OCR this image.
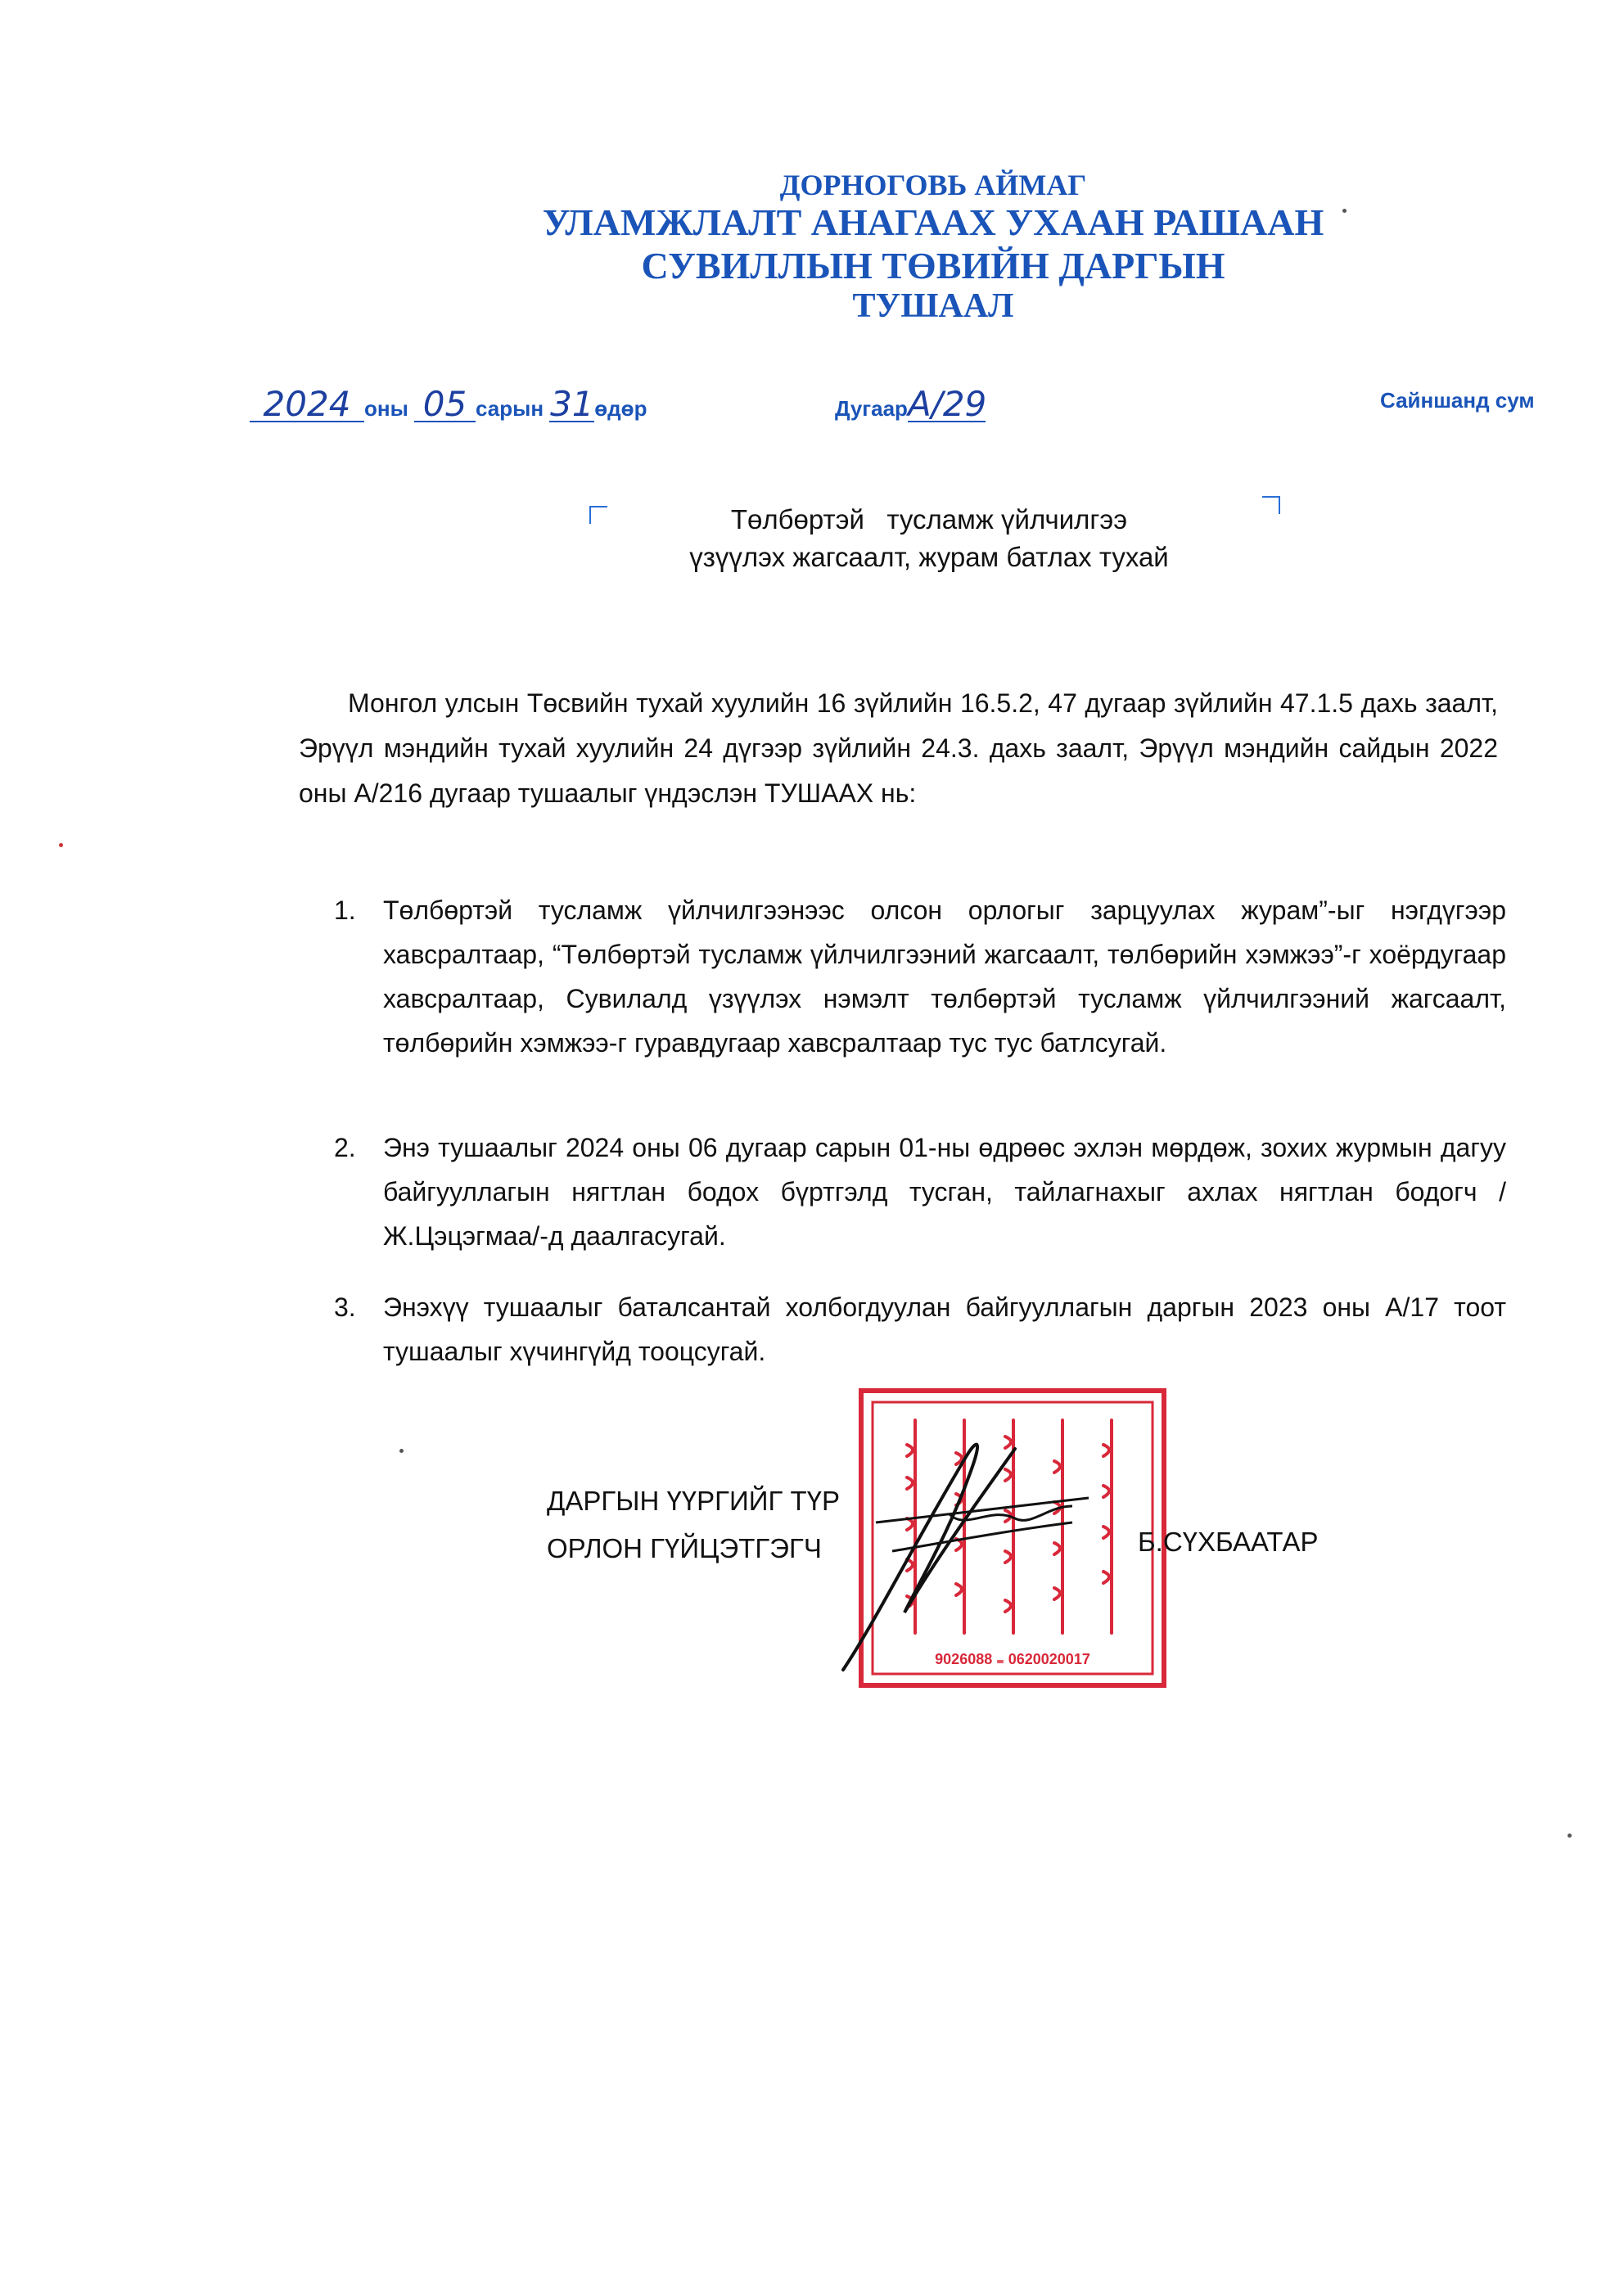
ДОРНОГОВЬ АЙМАГ
УЛАМЖЛАЛТ АНАГААХ УХААН РАШААН
СУВИЛЛЫН ТӨВИЙН ДАРГЫН
ТУШААЛ
2024 оны 05 сарын 31өдөр	ДугаарА/29	Сайншанд сум
Төлбөртэй   тусламж үйлчилгээ
үзүүлэх жагсаалт, журам батлах тухай
Монгол улсын Төсвийн тухай хуулийн 16 зүйлийн 16.5.2, 47 дугаар зүйлийн 47.1.5 дахь заалт, Эрүүл мэндийн тухай хуулийн 24 дүгээр зүйлийн 24.3. дахь заалт, Эрүүл мэндийн сайдын 2022 оны А/216 дугаар тушаалыг үндэслэн ТУШААХ нь:
1.	Төлбөртэй тусламж үйлчилгээнээс олсон орлогыг зарцуулах журам”-ыг нэгдүгээр хавсралтаар, “Төлбөртэй тусламж үйлчилгээний жагсаалт, төлбөрийн хэмжээ”-г хоёрдугаар хавсралтаар, Сувилалд үзүүлэх нэмэлт төлбөртэй тусламж үйлчилгээний жагсаалт, төлбөрийн хэмжээ-г гуравдугаар хавсралтаар тус тус батлсугай.
2.	Энэ тушаалыг 2024 оны 06 дугаар сарын 01-ны өдрөөс эхлэн мөрдөж, зохих журмын дагуу байгууллагын нягтлан бодох бүртгэлд тусган, тайлагнахыг ахлах нягтлан бодогч /Ж.Цэцэгмаа/-д даалгасугай.
3.	Энэхүү тушаалыг баталсантай холбогдуулан байгууллагын даргын 2023 оны А/17 тоот тушаалыг хүчингүйд тооцсугай.
9026088 ₌ 0620020017
ДАРГЫН ҮҮРГИЙГ ТҮР
ОРЛОН ГҮЙЦЭТГЭГЧ	Б.СҮХБААТАР
